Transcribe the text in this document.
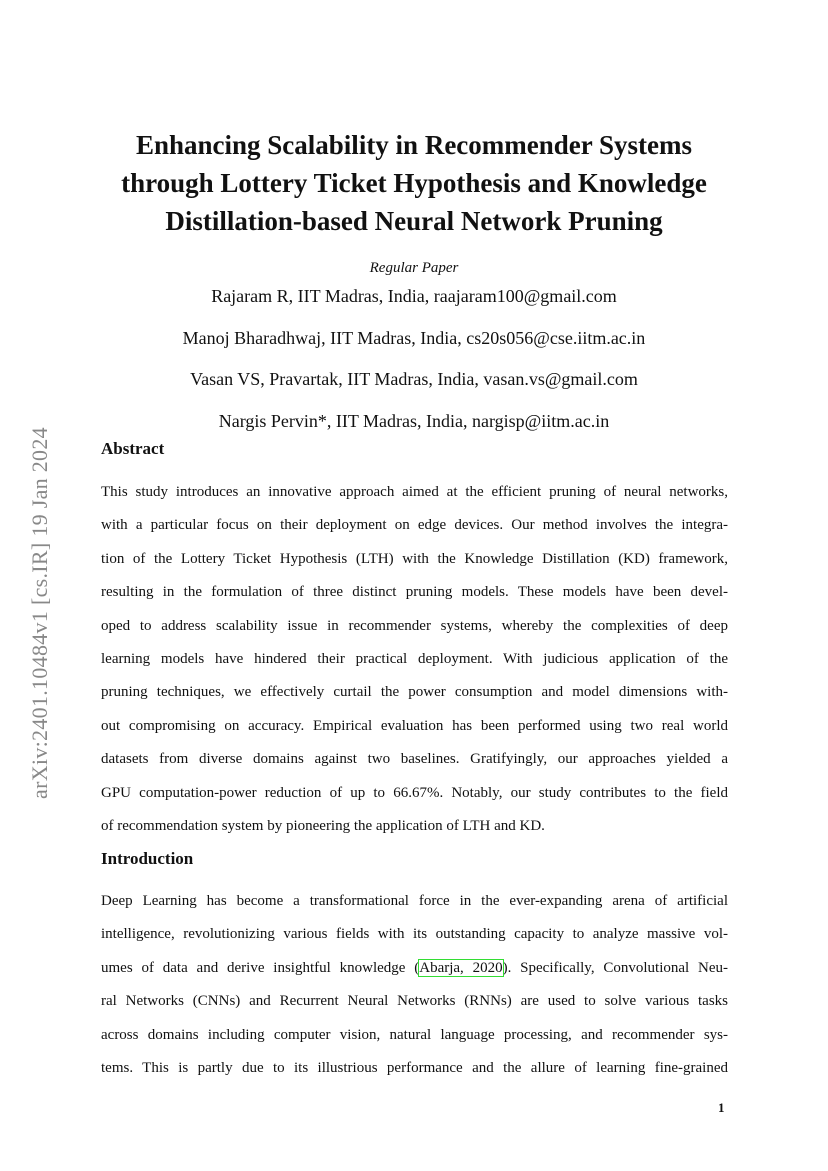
arXiv:2401.10484v1 [cs.IR] 19 Jan 2024
Enhancing Scalability in Recommender Systems
through Lottery Ticket Hypothesis and Knowledge
Distillation-based Neural Network Pruning
Regular Paper
Rajaram R, IIT Madras, India, raajaram100@gmail.com
Manoj Bharadhwaj, IIT Madras, India, cs20s056@cse.iitm.ac.in
Vasan VS, Pravartak, IIT Madras, India, vasan.vs@gmail.com
Nargis Pervin*, IIT Madras, India, nargisp@iitm.ac.in
Abstract
This study introduces an innovative approach aimed at the efficient pruning of neural networks,
with a particular focus on their deployment on edge devices. Our method involves the integra-
tion of the Lottery Ticket Hypothesis (LTH) with the Knowledge Distillation (KD) framework,
resulting in the formulation of three distinct pruning models. These models have been devel-
oped to address scalability issue in recommender systems, whereby the complexities of deep
learning models have hindered their practical deployment. With judicious application of the
pruning techniques, we effectively curtail the power consumption and model dimensions with-
out compromising on accuracy. Empirical evaluation has been performed using two real world
datasets from diverse domains against two baselines. Gratifyingly, our approaches yielded a
GPU computation-power reduction of up to 66.67%. Notably, our study contributes to the field
of recommendation system by pioneering the application of LTH and KD.
Introduction
Deep Learning has become a transformational force in the ever-expanding arena of artificial
intelligence, revolutionizing various fields with its outstanding capacity to analyze massive vol-
umes of data and derive insightful knowledge (Abarja, 2020). Specifically, Convolutional Neu-
ral Networks (CNNs) and Recurrent Neural Networks (RNNs) are used to solve various tasks
across domains including computer vision, natural language processing, and recommender sys-
tems. This is partly due to its illustrious performance and the allure of learning fine-grained
1
